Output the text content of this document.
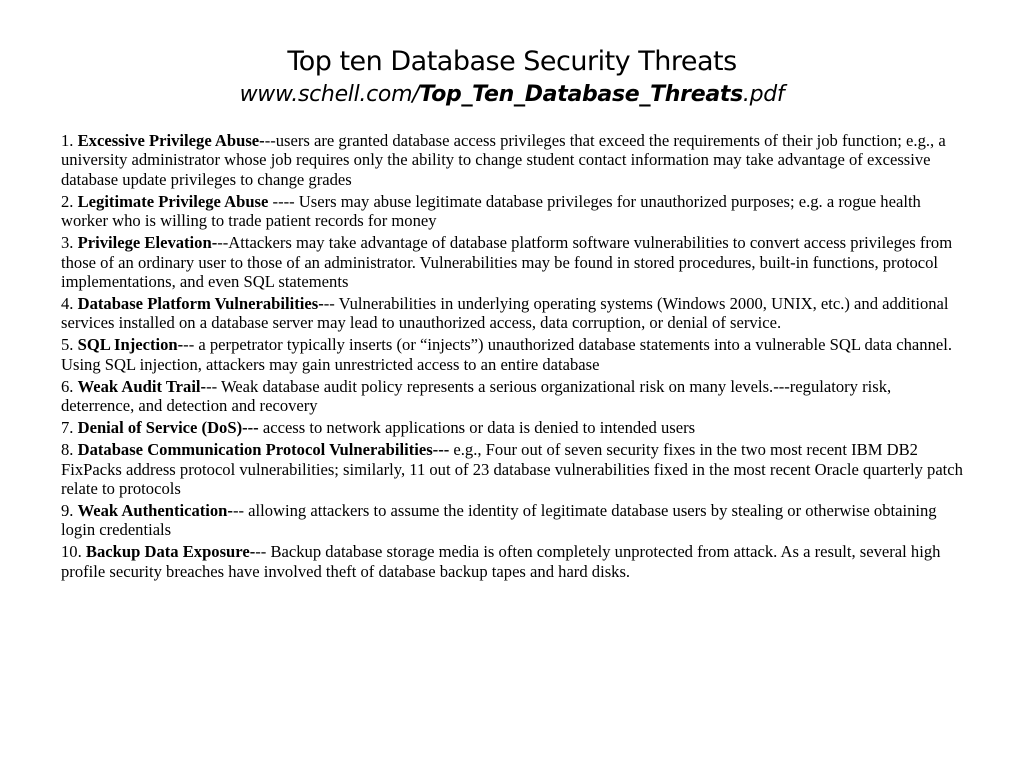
Top ten Database Security Threats
www.schell.com/Top_Ten_Database_Threats.pdf
1. Excessive Privilege Abuse---users are granted database access privileges that exceed the requirements of their job function; e.g., a university administrator whose job requires only the ability to change student contact information may take advantage of excessive database update privileges to change grades
2. Legitimate Privilege Abuse ---- Users may abuse legitimate database privileges for unauthorized purposes; e.g. a rogue health worker who is willing to trade patient records for money
3. Privilege Elevation---Attackers may take advantage of database platform software vulnerabilities to convert access privileges from those of an ordinary user to those of an administrator. Vulnerabilities may be found in stored procedures, built-in functions, protocol implementations, and even SQL statements
4. Database Platform Vulnerabilities--- Vulnerabilities in underlying operating systems (Windows 2000, UNIX, etc.) and additional services installed on a database server may lead to unauthorized access, data corruption, or denial of service.
5. SQL Injection--- a perpetrator typically inserts (or “injects”) unauthorized database statements into a vulnerable SQL data channel. Using SQL injection, attackers may gain unrestricted access to an entire database
6. Weak Audit Trail--- Weak database audit policy represents a serious organizational risk on many levels.---regulatory risk, deterrence, and detection and recovery
7. Denial of Service (DoS)--- access to network applications or data is denied to intended users
8. Database Communication Protocol Vulnerabilities--- e.g., Four out of seven security fixes in the two most recent IBM DB2 FixPacks address protocol vulnerabilities; similarly, 11 out of 23 database vulnerabilities fixed in the most recent Oracle quarterly patch relate to protocols
9. Weak Authentication--- allowing attackers to assume the identity of legitimate database users by stealing or otherwise obtaining login credentials
10. Backup Data Exposure--- Backup database storage media is often completely unprotected from attack. As a result, several high profile security breaches have involved theft of database backup tapes and hard disks.
